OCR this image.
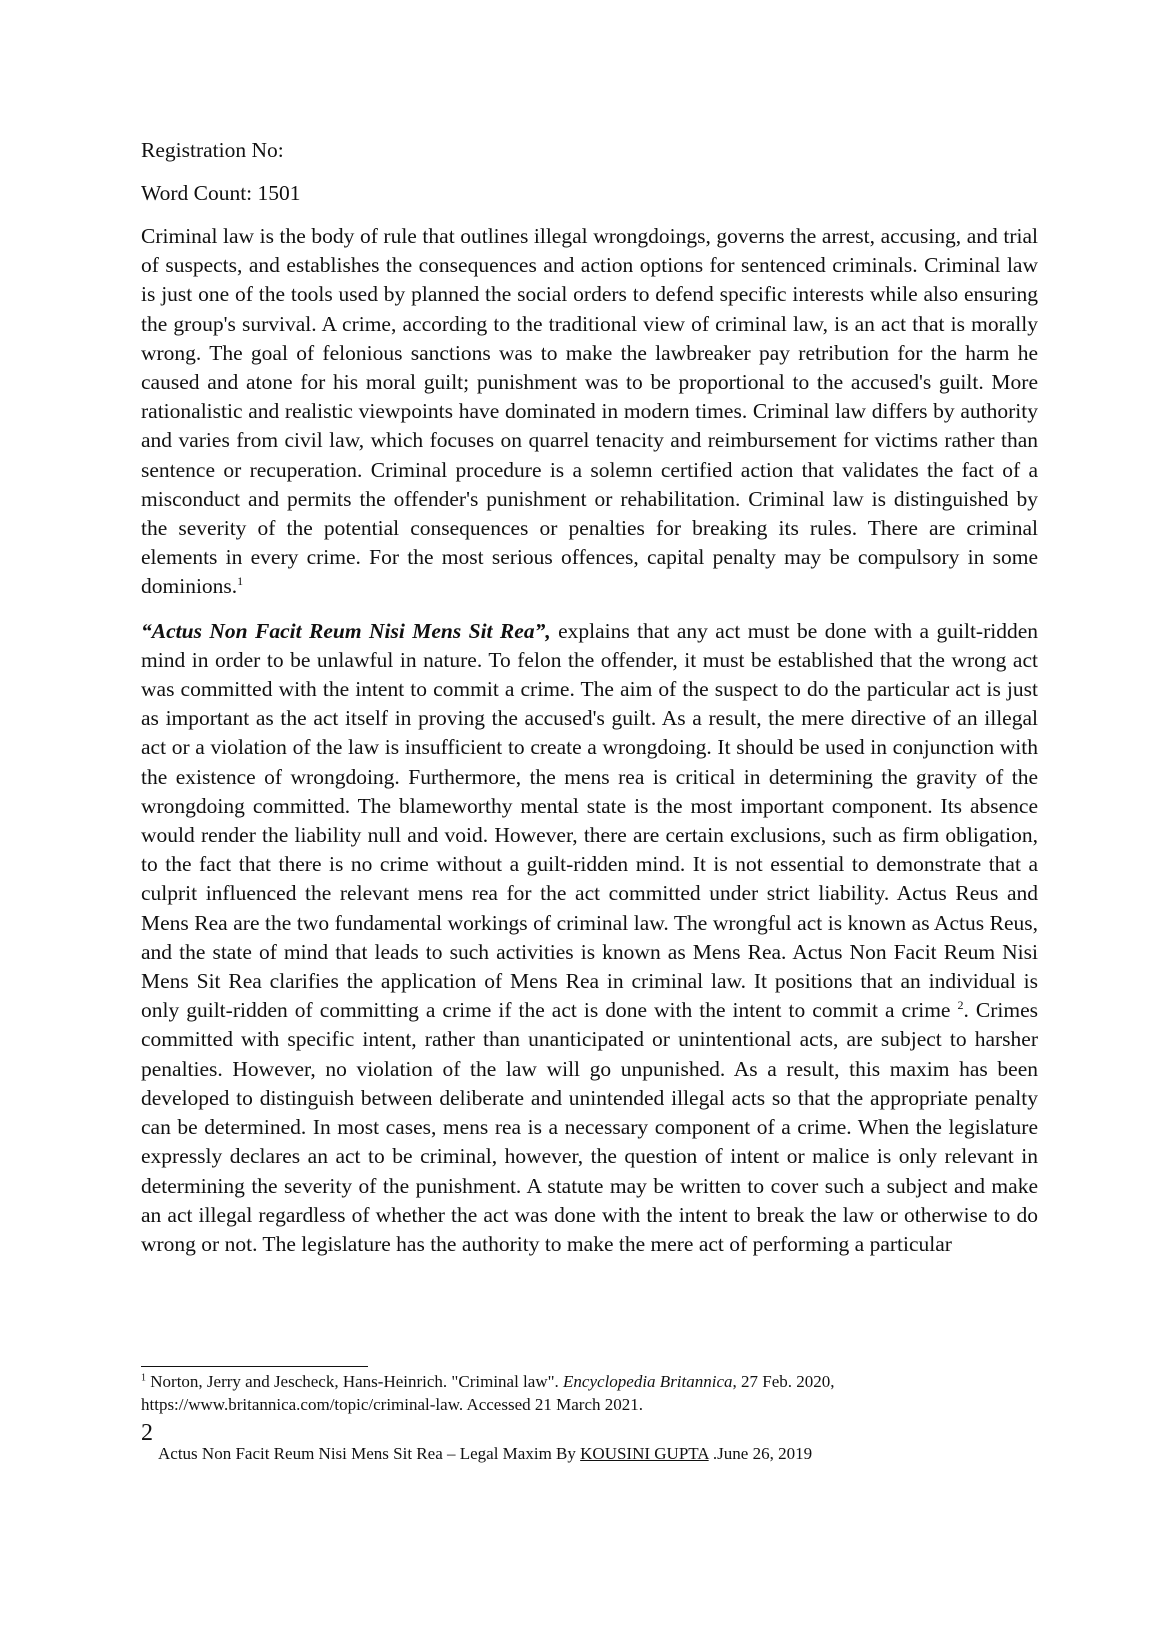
Registration No:

Word Count: 1501

Criminal law is the body of rule that outlines illegal wrongdoings, governs the arrest, accusing, and trial of suspects, and establishes the consequences and action options for sentenced criminals. Criminal law is just one of the tools used by planned the social orders to defend specific interests while also ensuring the group's survival. A crime, according to the traditional view of criminal law, is an act that is morally wrong. The goal of felonious sanctions was to make the lawbreaker pay retribution for the harm he caused and atone for his moral guilt; punishment was to be proportional to the accused's guilt. More rationalistic and realistic viewpoints have dominated in modern times. Criminal law differs by authority and varies from civil law, which focuses on quarrel tenacity and reimbursement for victims rather than sentence or recuperation. Criminal procedure is a solemn certified action that validates the fact of a misconduct and permits the offender's punishment or rehabilitation. Criminal law is distinguished by the severity of the potential consequences or penalties for breaking its rules. There are criminal elements in every crime. For the most serious offences, capital penalty may be compulsory in some dominions.$^1$

“Actus Non Facit Reum Nisi Mens Sit Rea”, explains that any act must be done with a guilt-ridden mind in order to be unlawful in nature. To felon the offender, it must be established that the wrong act was committed with the intent to commit a crime. The aim of the suspect to do the particular act is just as important as the act itself in proving the accused's guilt. As a result, the mere directive of an illegal act or a violation of the law is insufficient to create a wrongdoing. It should be used in conjunction with the existence of wrongdoing. Furthermore, the mens rea is critical in determining the gravity of the wrongdoing committed. The blameworthy mental state is the most important component. Its absence would render the liability null and void. However, there are certain exclusions, such as firm obligation, to the fact that there is no crime without a guilt-ridden mind. It is not essential to demonstrate that a culprit influenced the relevant mens rea for the act committed under strict liability. Actus Reus and Mens Rea are the two fundamental workings of criminal law. The wrongful act is known as Actus Reus, and the state of mind that leads to such activities is known as Mens Rea. Actus Non Facit Reum Nisi Mens Sit Rea clarifies the application of Mens Rea in criminal law. It positions that an individual is only guilt-ridden of committing a crime if the act is done with the intent to commit a crime $^2$. Crimes committed with specific intent, rather than unanticipated or unintentional acts, are subject to harsher penalties. However, no violation of the law will go unpunished. As a result, this maxim has been developed to distinguish between deliberate and unintended illegal acts so that the appropriate penalty can be determined. In most cases, mens rea is a necessary component of a crime. When the legislature expressly declares an act to be criminal, however, the question of intent or malice is only relevant in determining the severity of the punishment. A statute may be written to cover such a subject and make an act illegal regardless of whether the act was done with the intent to break the law or otherwise to do wrong or not. The legislature has the authority to make the mere act of performing a particular

$^1$ Norton, Jerry and Jescheck, Hans-Heinrich. "Criminal law". Encyclopedia Britannica, 27 Feb. 2020, https://www.britannica.com/topic/criminal-law. Accessed 21 March 2021.
2
Actus Non Facit Reum Nisi Mens Sit Rea – Legal Maxim By KOUSINI GUPTA .June 26, 2019
